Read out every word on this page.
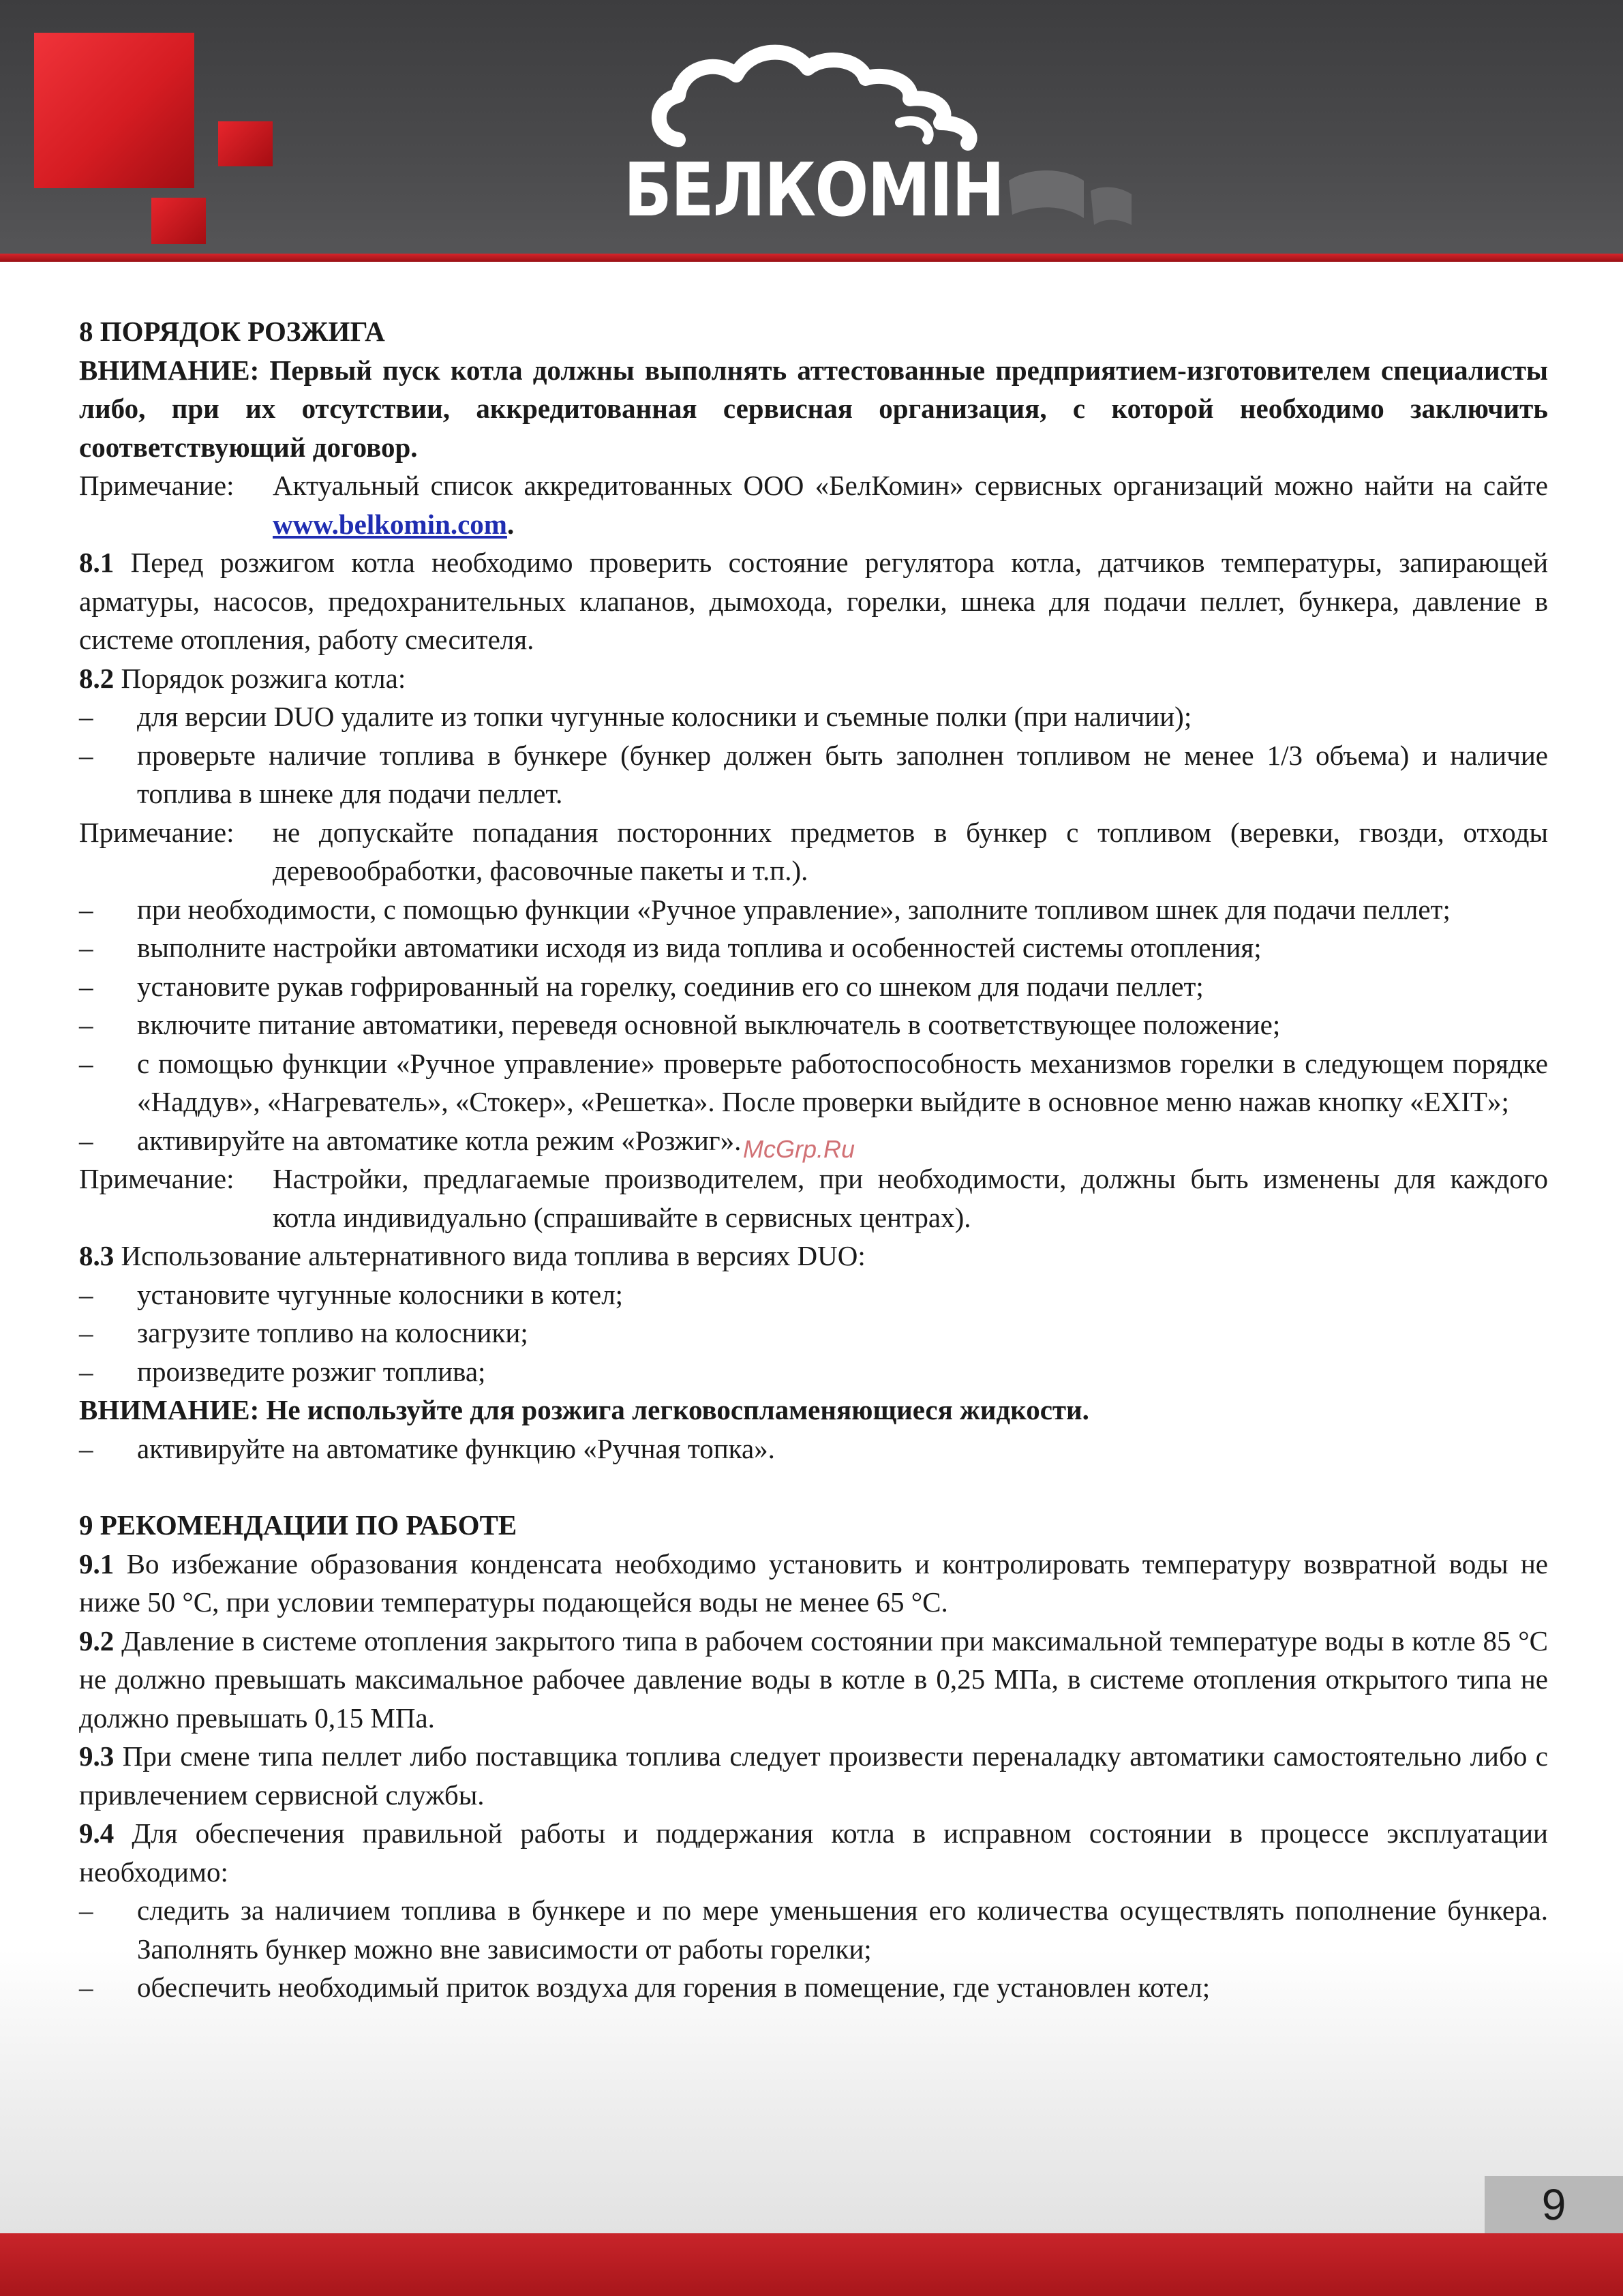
БЕЛКОМІН

8 ПОРЯДОК РОЗЖИГА

ВНИМАНИЕ: Первый пуск котла должны выполнять аттестованные предприятием-изготовителем специалисты либо, при их отсутствии, аккредитованная сервисная организация, с которой необходимо заключить соответствующий договор.

Примечание:	Актуальный список аккредитованных ООО «БелКомин» сервисных организаций можно найти на сайте www.belkomin.com.

8.1 Перед розжигом котла необходимо проверить состояние регулятора котла, датчиков температуры, запирающей арматуры, насосов, предохранительных клапанов, дымохода, горелки, шнека для подачи пеллет, бункера, давление в системе отопления, работу смесителя.

8.2 Порядок розжига котла:

–	для версии DUO удалите из топки чугунные колосники и съемные полки (при наличии);
–	проверьте наличие топлива в бункере (бункер должен быть заполнен топливом не менее 1/3 объема) и наличие топлива в шнеке для подачи пеллет.
Примечание:	не допускайте попадания посторонних предметов в бункер с топливом (веревки, гвозди, отходы деревообработки, фасовочные пакеты и т.п.).
–	при необходимости, с помощью функции «Ручное управление», заполните топливом шнек для подачи пеллет;
–	выполните настройки автоматики исходя из вида топлива и особенностей системы отопления;
–	установите рукав гофрированный на горелку, соединив его со шнеком для подачи пеллет;
–	включите питание автоматики, переведя основной выключатель в соответствующее положение;
–	с помощью функции «Ручное управление» проверьте работоспособность механизмов горелки в следующем порядке «Наддув», «Нагреватель», «Стокер», «Решетка». После проверки выйдите в основное меню нажав кнопку «EXIT»;
–	активируйте на автоматике котла режим «Розжиг».
Примечание:	Настройки, предлагаемые производителем, при необходимости, должны быть изменены для каждого котла индивидуально (спрашивайте в сервисных центрах).

8.3 Использование альтернативного вида топлива в версиях DUO:

–	установите чугунные колосники в котел;
–	загрузите топливо на колосники;
–	произведите розжиг топлива;

ВНИМАНИЕ: Не используйте для розжига легковоспламеняющиеся жидкости.

–	активируйте на автоматике функцию «Ручная топка».

9 РЕКОМЕНДАЦИИ ПО РАБОТЕ

9.1 Во избежание образования конденсата необходимо установить и контролировать температуру возвратной воды не ниже 50 °С, при условии температуры подающейся воды не менее 65 °С.

9.2 Давление в системе отопления закрытого типа в рабочем состоянии при максимальной температуре воды в котле 85 °С не должно превышать максимальное рабочее давление воды в котле в 0,25 МПа, в системе отопления открытого типа не должно превышать 0,15 МПа.

9.3 При смене типа пеллет либо поставщика топлива следует произвести переналадку автоматики самостоятельно либо с привлечением сервисной службы.

9.4 Для обеспечения правильной работы и поддержания котла в исправном состоянии в процессе эксплуатации необходимо:

–	следить за наличием топлива в бункере и по мере уменьшения его количества осуществлять пополнение бункера. Заполнять бункер можно вне зависимости от работы горелки;
–	обеспечить необходимый приток воздуха для горения в помещение, где установлен котел;
McGrp.Ru
9
